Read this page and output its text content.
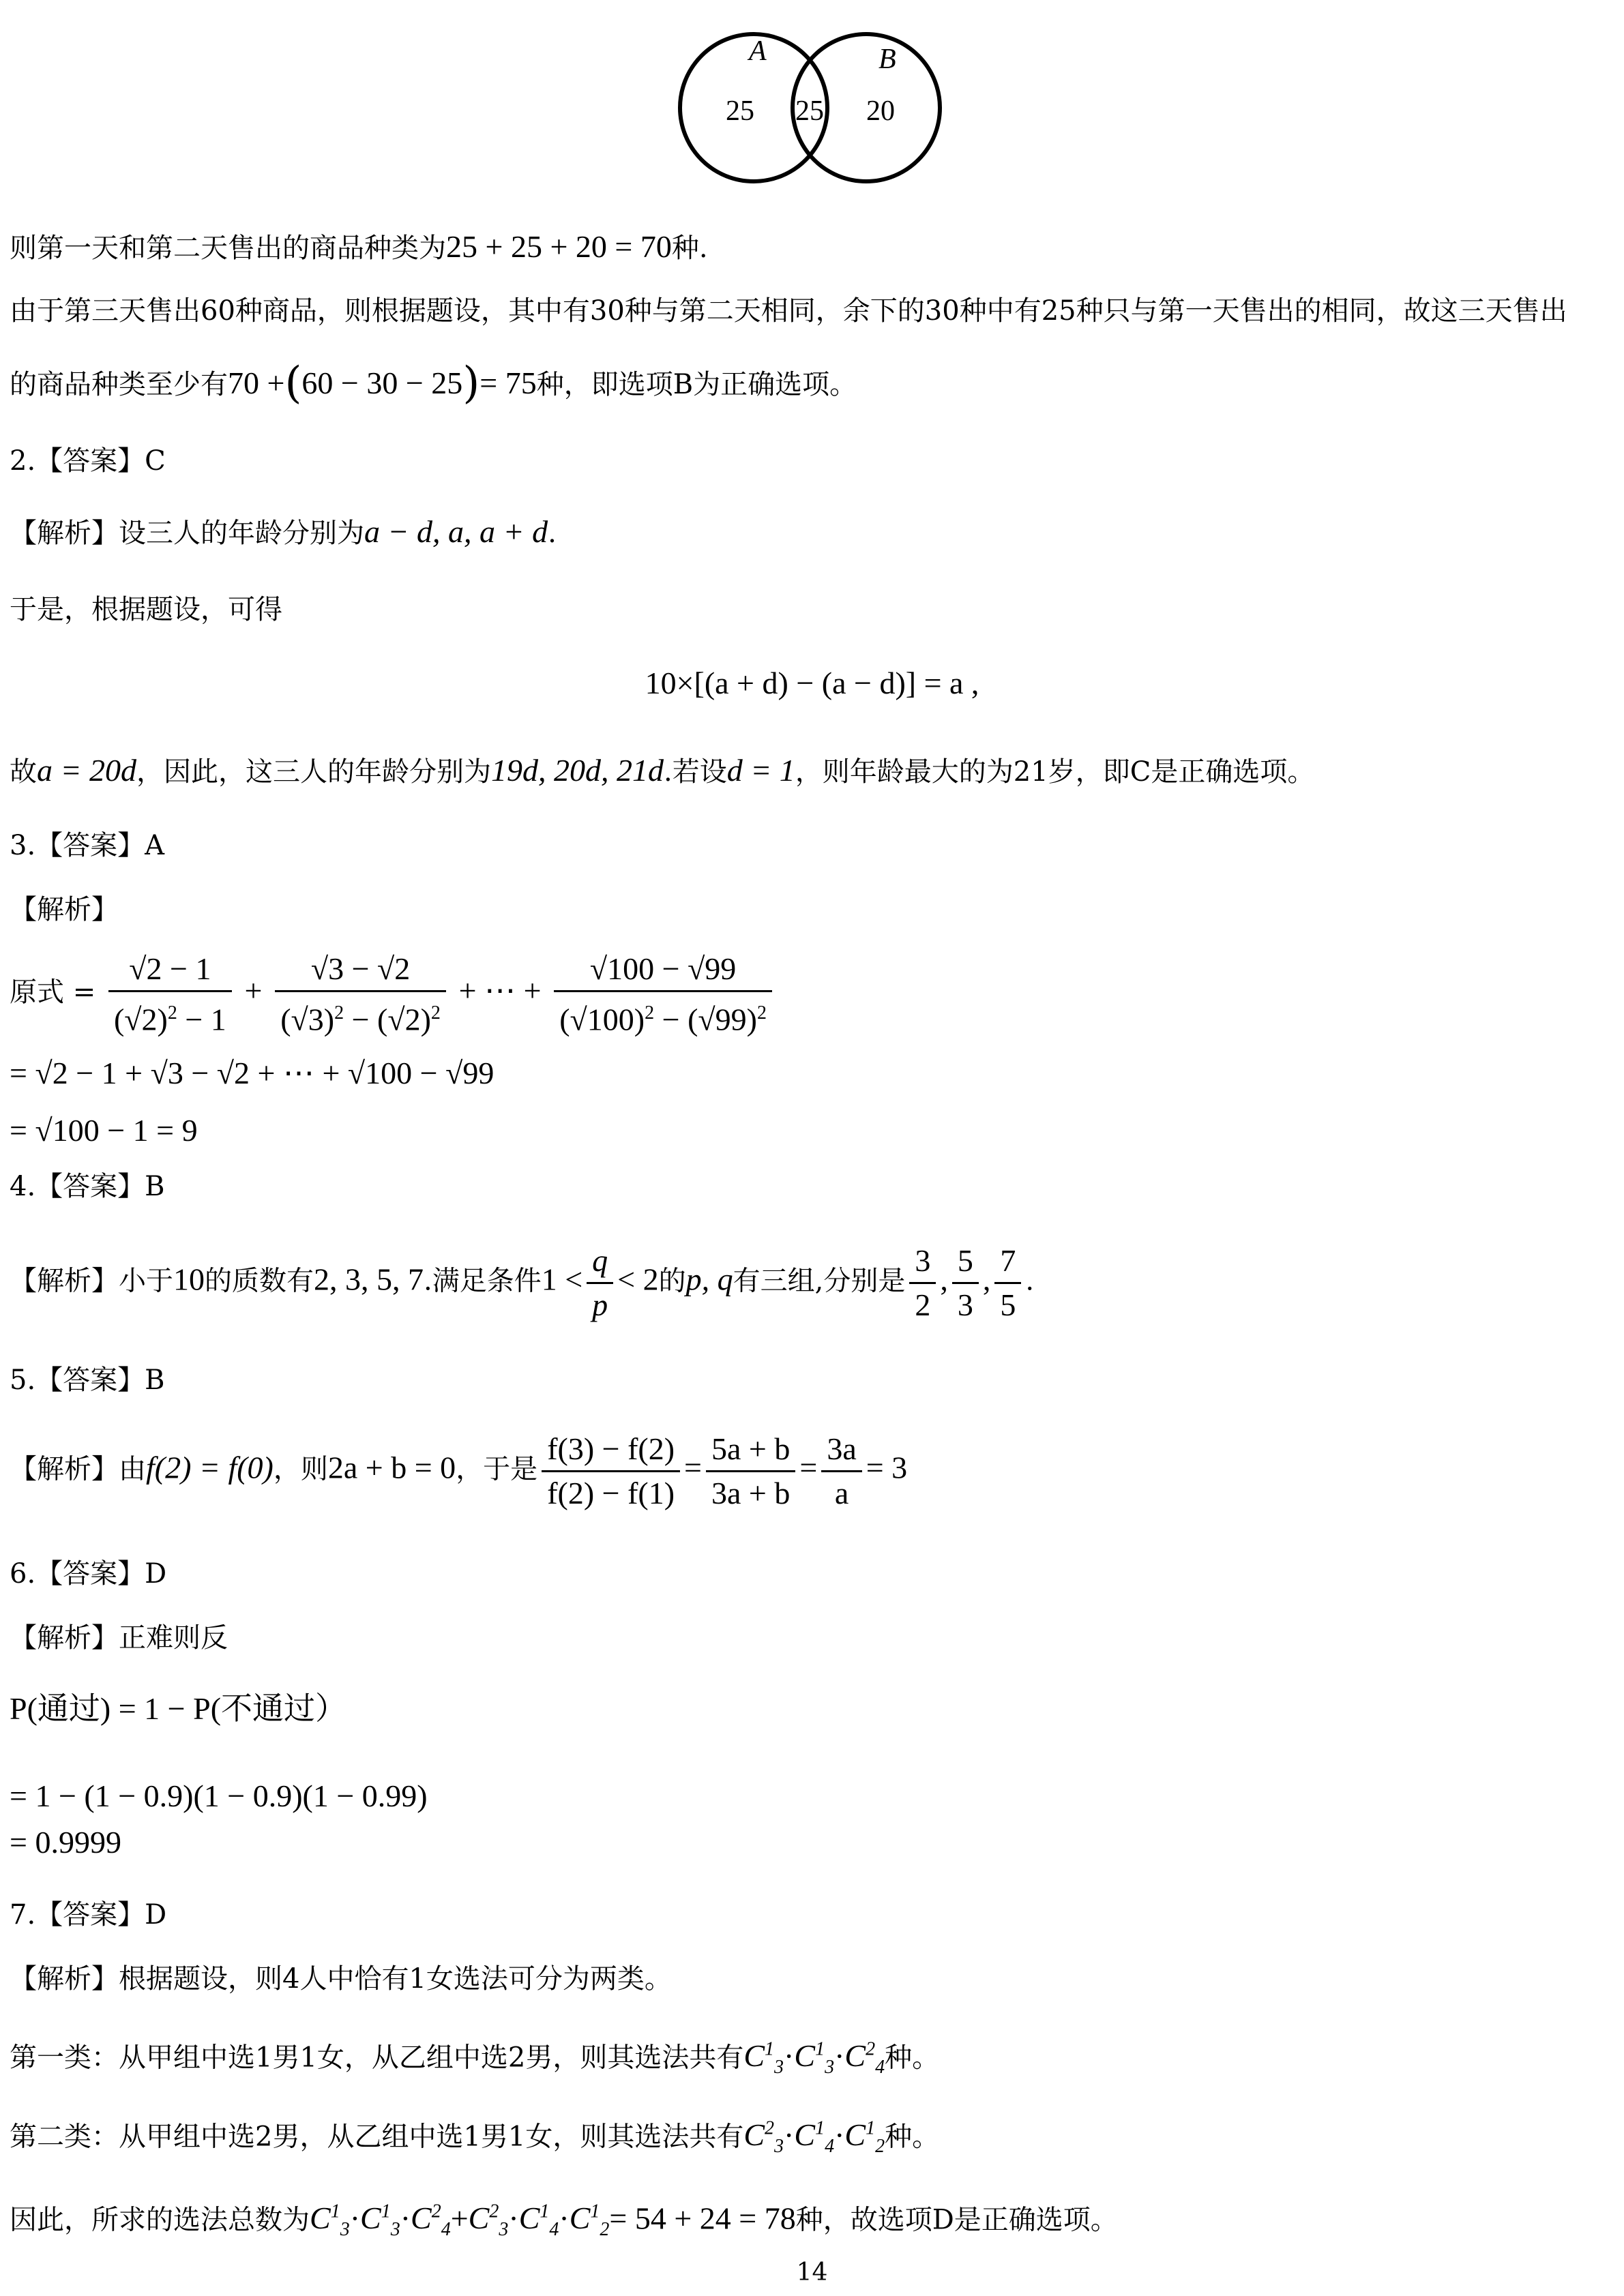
A	B
25 25 20
则第一天和第二天售出的商品种类为25 + 25 + 20 = 70种.
由于第三天售出60种商品，则根据题设，其中有30种与第二天相同，余下的30种中有25种只与第一天售出的相同，故这三天售出
的商品种类至少有70 +(60 − 30 − 25)= 75种，即选项B为正确选项。
2.【答案】C
【解析】设三人的年龄分别为a − d, a, a + d.
于是，根据题设，可得
10×[(a + d) − (a − d)] = a ,
故a = 20d，因此，这三人的年龄分别为19d, 20d, 21d.若设d = 1，则年龄最大的为21岁，即C是正确选项。
3.【答案】A
【解析】
原式 = $\frac{√2 - 1}{(√2)^2 - 1} + \frac{√3 - √2}{(√3)^2 - (√2)^2}$ + ⋯ + $\frac{√100 - √99}{(√100)^2 - (√99)^2}$
= √2 − 1 + √3 − √2 + ⋯ + √100 − √99
= √100 − 1 = 9
4.【答案】B
【解析】小于10的质数有2, 3, 5, 7.满足条件$1 < \frac{q}{p} < 2$的p, q有三组,分别是 $\frac{3}{2}$ , $\frac{5}{3}$ , $\frac{7}{5}$ .
5.【答案】B
【解析】由f(2) = f(0)，则2a + b = 0，于是 $\frac{f(3) - f(2)}{f(2) - f(1)} = \frac{5a + b}{3a + b} = \frac{3a}{a} = 3$
6.【答案】D
【解析】正难则反
P(通过) = 1 − P(不通过）
= 1 − (1 − 0.9)(1 − 0.9)(1 − 0.99)
= 0.9999
7.【答案】D
【解析】根据题设，则4人中恰有1女选法可分为两类。
第一类：从甲组中选1男1女，从乙组中选2男，则其选法共有$C^1_3\cdot C^1_3\cdot C^2_4$种。
第二类：从甲组中选2男，从乙组中选1男1女，则其选法共有$C^2_3\cdot C^1_4\cdot C^1_2$种。
因此，所求的选法总数为$C^1_3\cdot C^1_3\cdot C^2_4+C^2_3\cdot C^1_4\cdot C^1_2= 54 + 24 = 78$种，故选项D是正确选项。
14
